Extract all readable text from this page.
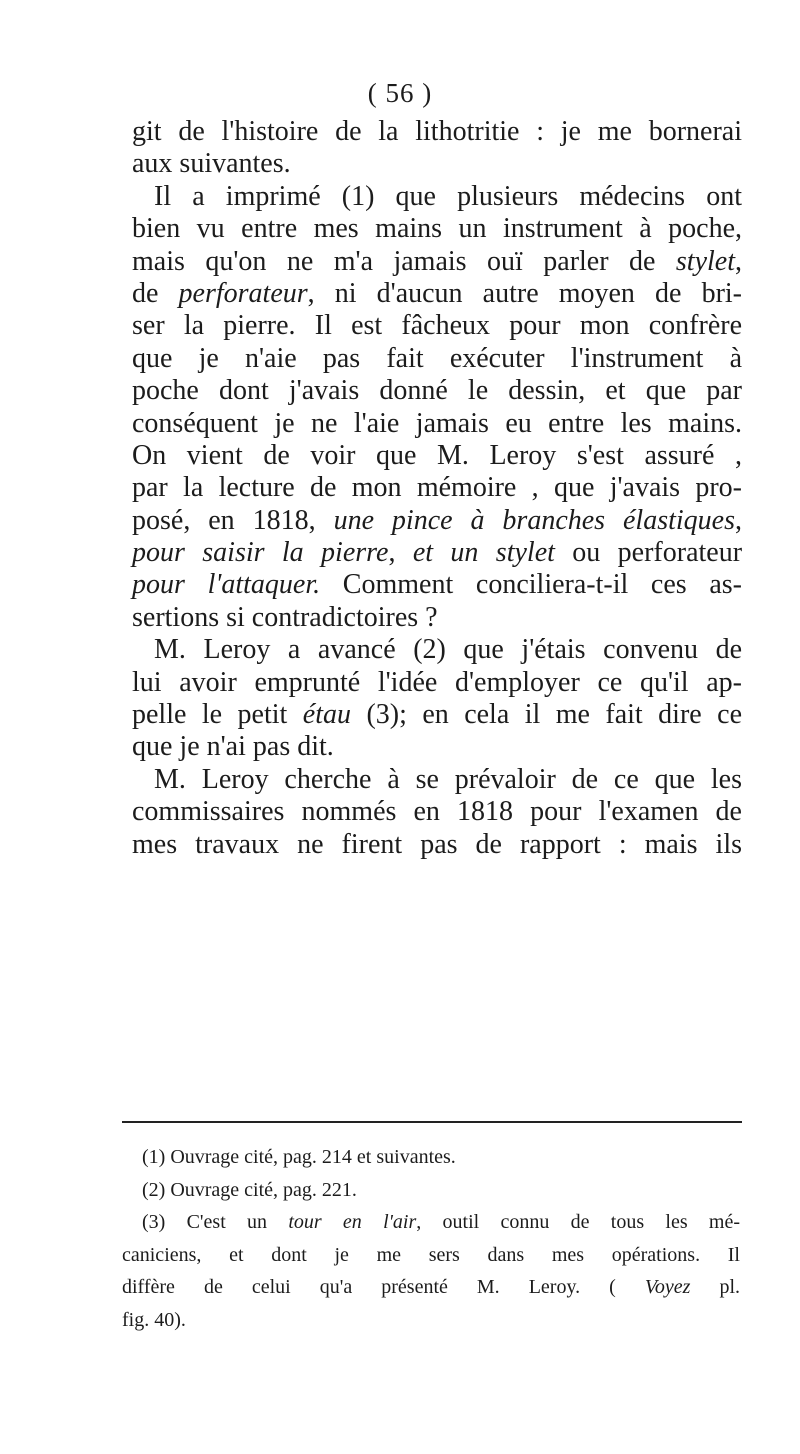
( 56 )
git de l'histoire de la lithotritie : je me bornerai
aux suivantes.
Il a imprimé (1) que plusieurs médecins ont
bien vu entre mes mains un instrument à poche,
mais qu'on ne m'a jamais ouï parler de stylet,
de perforateur, ni d'aucun autre moyen de bri-
ser la pierre. Il est fâcheux pour mon confrère
que je n'aie pas fait exécuter l'instrument à
poche dont j'avais donné le dessin, et que par
conséquent je ne l'aie jamais eu entre les mains.
On vient de voir que M. Leroy s'est assuré ,
par la lecture de mon mémoire , que j'avais pro-
posé, en 1818, une pince à branches élastiques,
pour saisir la pierre, et un stylet ou perforateur
pour l'attaquer. Comment conciliera-t-il ces as-
sertions si contradictoires ?
M. Leroy a avancé (2) que j'étais convenu de
lui avoir emprunté l'idée d'employer ce qu'il ap-
pelle le petit étau (3); en cela il me fait dire ce
que je n'ai pas dit.
M. Leroy cherche à se prévaloir de ce que les
commissaires nommés en 1818 pour l'examen de
mes travaux ne firent pas de rapport : mais ils
(1) Ouvrage cité, pag. 214 et suivantes.
(2) Ouvrage cité, pag. 221.
(3) C'est un tour en l'air, outil connu de tous les mé-
caniciens, et dont je me sers dans mes opérations. Il
diffère de celui qu'a présenté M. Leroy. ( Voyez pl.
fig. 40).
